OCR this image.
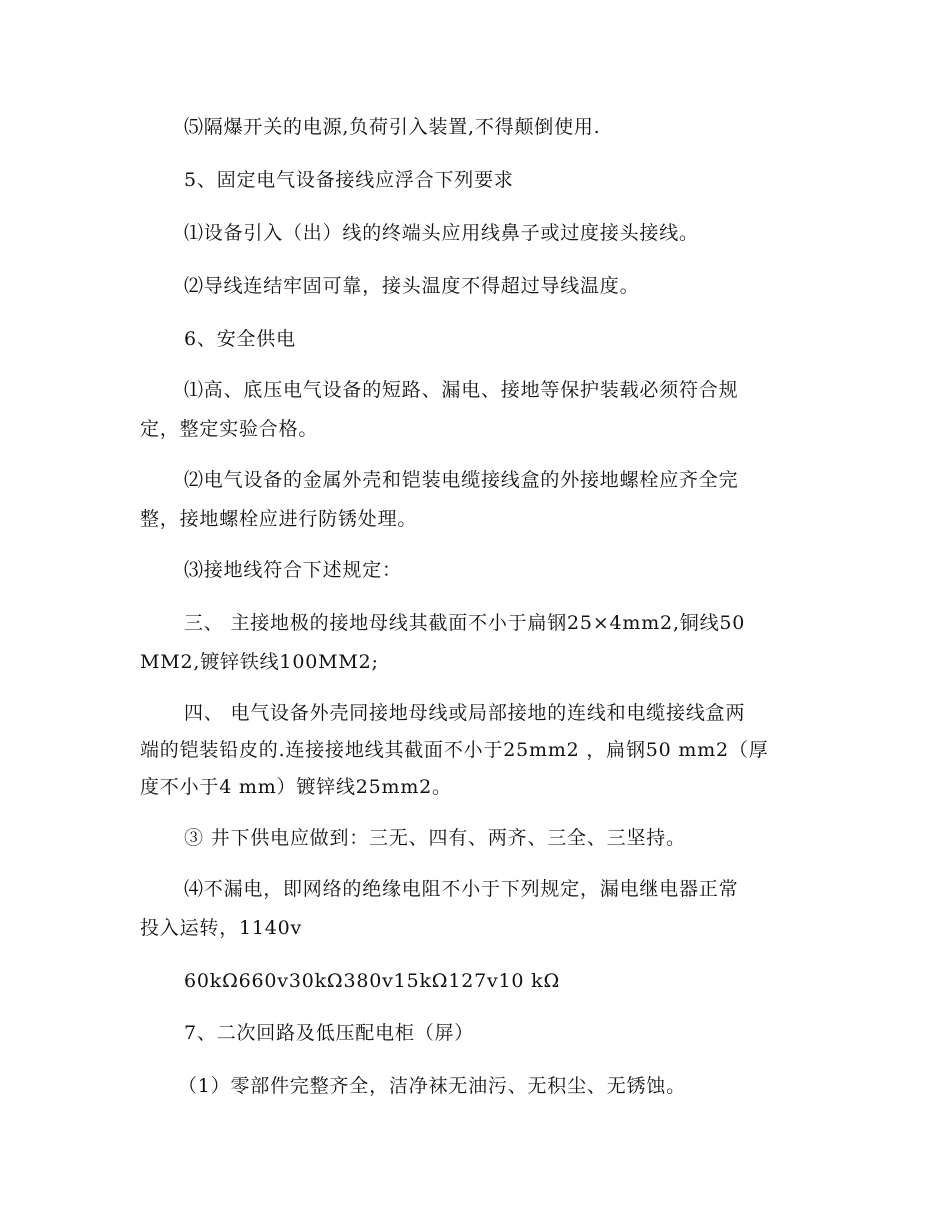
⑸隔爆开关的电源,负荷引入装置,不得颠倒使用.
5、固定电气设备接线应浮合下列要求
⑴设备引入（出）线的终端头应用线鼻子或过度接头接线。
⑵导线连结牢固可靠，接头温度不得超过导线温度。
6、安全供电
⑴高、底压电气设备的短路、漏电、接地等保护装载必须符合规
定，整定实验合格。
⑵电气设备的金属外壳和铠装电缆接线盒的外接地螺栓应齐全完
整，接地螺栓应进行防锈处理。
⑶接地线符合下述规定：
三、 主接地极的接地母线其截面不小于扁钢25×4mm2,铜线50
MM2,镀锌铁线100MM2;
四、 电气设备外壳同接地母线或局部接地的连线和电缆接线盒两
端的铠装铅皮的.连接接地线其截面不小于25mm2 ，扁钢50 mm2（厚
度不小于4 mm）镀锌线25mm2。
③ 井下供电应做到：三无、四有、两齐、三全、三坚持。
⑷不漏电，即网络的绝缘电阻不小于下列规定，漏电继电器正常
投入运转，1140v
60kΩ660v30kΩ380v15kΩ127v10 kΩ
7、二次回路及低压配电柜（屏）
（1）零部件完整齐全，洁净袜无油污、无积尘、无锈蚀。
